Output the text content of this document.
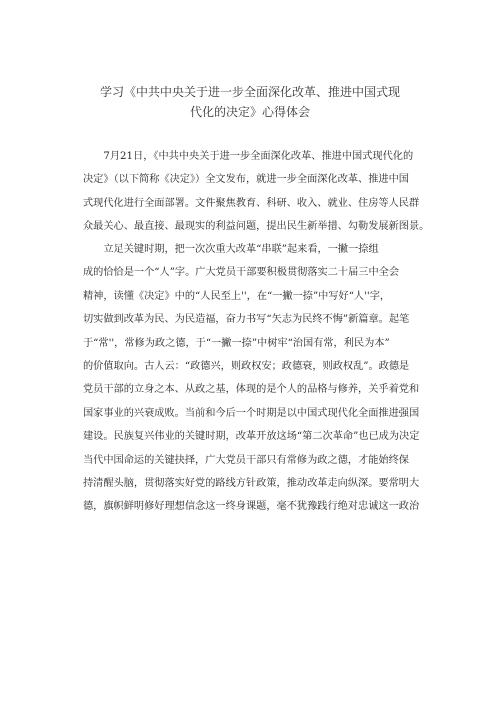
学习《中共中央关于进一步全面深化改革、推进中国式现
代化的决定》心得体会
　　7月21日，《中共中央关于进一步全面深化改革、推进中国式现代化的
决定》（以下简称《决定》）全文发布，就进一步全面深化改革、推进中国
式现代化进行全面部署。文件聚焦教育、科研、收入、就业、住房等人民群
众最关心、最直接、最现实的利益问题，提出民生新举措、勾勒发展新图景。
　　立足关键时期，把一次次重大改革“串联”起来看，一撇一捺组
成的恰恰是一个“人”字。广大党员干部要积极贯彻落实二十届三中全会
精神，读懂《决定》中的“人民至上''，在“一撇一捺”中写好“人''字，
切实做到改革为民、为民造福，奋力书写“矢志为民终不悔”新篇章。起笔
于“常''，常修为政之德，于“一撇一捺”中树牢“治国有常，利民为本”
的价值取向。古人云：“政德兴，则政权安；政德衰，则政权乱”。政德是
党员干部的立身之本、从政之基，体现的是个人的品格与修养，关乎着党和
国家事业的兴衰成败。当前和今后一个时期是以中国式现代化全面推进强国
建设。民族复兴伟业的关键时期，改革开放这场“第二次革命”也已成为决定
当代中国命运的关键抉择，广大党员干部只有常修为政之德，才能始终保
持清醒头脑，贯彻落实好党的路线方针政策，推动改革走向纵深。要常明大
德，旗帜鲜明修好理想信念这一终身课题，毫不犹豫践行绝对忠诚这一政治
